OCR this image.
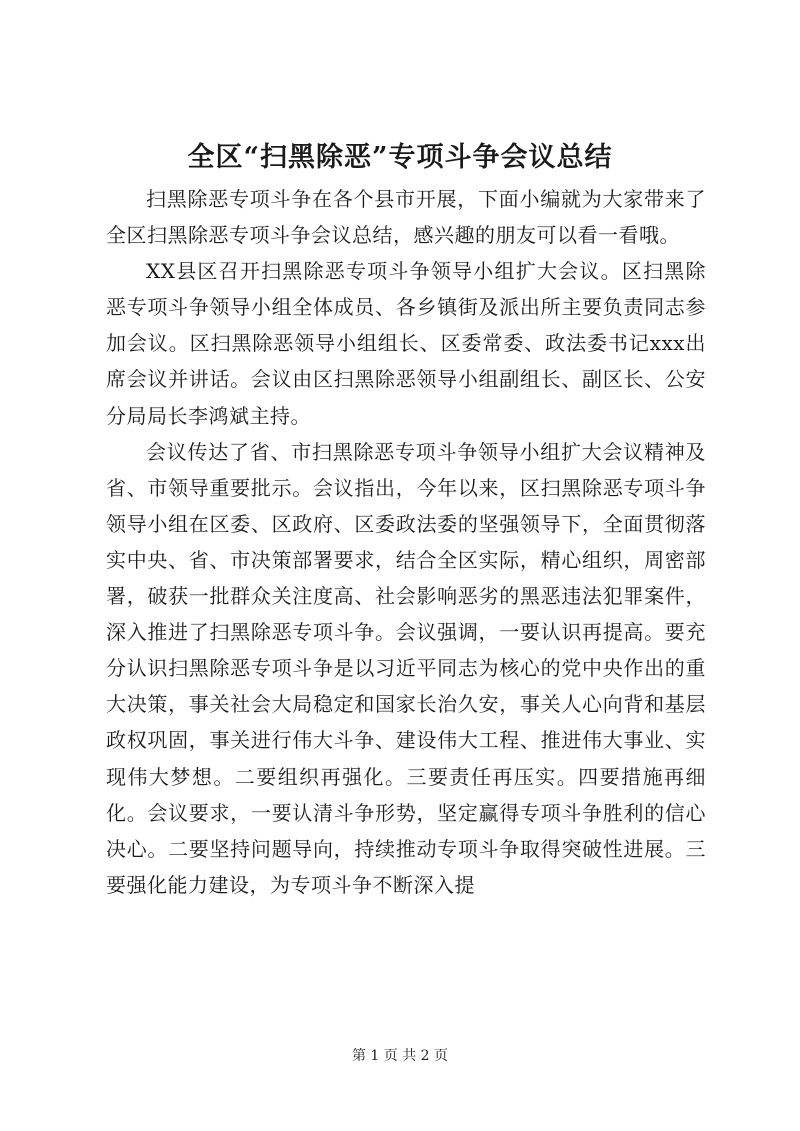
全区“扫黑除恶”专项斗争会议总结

扫黑除恶专项斗争在各个县市开展，下面小编就为大家带来了全区扫黑除恶专项斗争会议总结，感兴趣的朋友可以看一看哦。

XX县区召开扫黑除恶专项斗争领导小组扩大会议。区扫黑除恶专项斗争领导小组全体成员、各乡镇街及派出所主要负责同志参加会议。区扫黑除恶领导小组组长、区委常委、政法委书记xxx出席会议并讲话。会议由区扫黑除恶领导小组副组长、副区长、公安分局局长李鸿斌主持。

会议传达了省、市扫黑除恶专项斗争领导小组扩大会议精神及省、市领导重要批示。会议指出，今年以来，区扫黑除恶专项斗争领导小组在区委、区政府、区委政法委的坚强领导下，全面贯彻落实中央、省、市决策部署要求，结合全区实际，精心组织，周密部署，破获一批群众关注度高、社会影响恶劣的黑恶违法犯罪案件，深入推进了扫黑除恶专项斗争。会议强调，一要认识再提高。要充分认识扫黑除恶专项斗争是以习近平同志为核心的党中央作出的重大决策，事关社会大局稳定和国家长治久安，事关人心向背和基层政权巩固，事关进行伟大斗争、建设伟大工程、推进伟大事业、实现伟大梦想。二要组织再强化。三要责任再压实。四要措施再细化。会议要求，一要认清斗争形势，坚定赢得专项斗争胜利的信心决心。二要坚持问题导向，持续推动专项斗争取得突破性进展。三要强化能力建设，为专项斗争不断深入提

第 1 页 共 2 页
